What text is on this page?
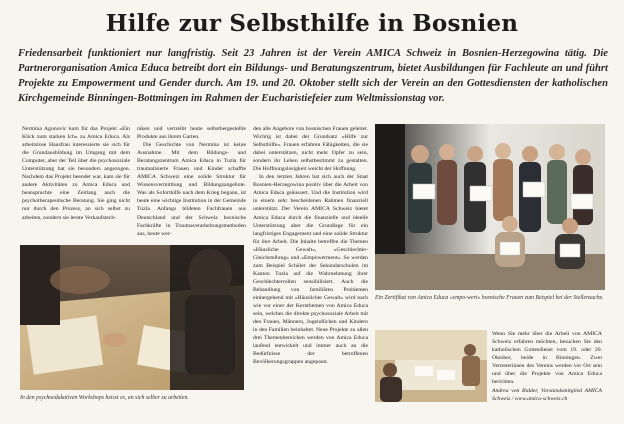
Hilfe zur Selbsthilfe in Bosnien
Friedensarbeit funktioniert nur langfristig. Seit 23 Jahren ist der Verein AMICA Schweiz in Bosnien-Herzegowina tätig. Die Partnerorganisation Amica Educa betreibt dort ein Bildungs- und Beratungszentrum, bietet Ausbildungen für Fachleute an und führt Projekte zu Empowerment und Gender durch. Am 19. und 20. Oktober stellt sich der Verein an den Gottesdiensten der katholischen Kirchgemeinde Binningen-Bottmingen im Rahmen der Eucharistiefeier zum Weltmissionstag vor.

Nermina Agunovic kam für das Projekt «Ein Klick zum starken Ich» zu Amica Educa. Als arbeitslose Hausfrau interessierte sie sich für die Grundausbildung im Umgang mit dem Computer, aber der Teil über die psychosoziale Unterstützung hat sie besonders angezogen. Nachdem das Projekt beendet war, kam sie für andere Aktivitäten zu Amica Educa und beanspruchte eine Zeitlang auch die psychotherapeutische Beratung. Sie ging nicht nur durch den Prozess, an sich selbst zu arbeiten, sondern sie lernte Verkaufstech-

niken und vertreibt heute selbsthergestellte Produkte aus ihrem Garten.

Die Geschichte von Nermina ist keine Ausnahme. Mit dem Bildungs- und Beratungszentrum Amica Educa in Tuzla für traumatisierte Frauen und Kinder schaffte AMICA Schweiz eine solide Struktur für Wissensvermittlung und Bildungsangebote. Was als Soforthilfe nach dem Krieg begann, ist heute eine wichtige Institution in der Gemeinde Tuzla. Anfangs bildeten Fachfrauen aus Deutschland und der Schweiz bosnische Fachkräfte in Traumaverarbeitungsmethoden aus, heute wer-

den alle Angebote von bosnischen Frauen geleitet. Wichtig ist dabei der Grundsatz «Hilfe zur Selbsthilfe». Frauen erfahren Fähigkeiten, die sie dabei unterstützen, nicht mehr Opfer zu sein, sondern ihr Leben selbstbestimmt zu gestalten. Die Hoffnungslosigkeit weicht der Hoffnung.

In den letzten Jahren hat sich auch der Staat Bosnien-Herzegowina positiv über die Arbeit von Amica Educa geäussert. Und die Institution wird in einem sehr bescheidenen Rahmen finanziell unterstützt. Der Verein AMICA Schweiz bietet Amica Educa durch die finanzielle und ideelle Unterstützung aber die Grundlage für ein langfristiges Engagement und eine solide Struktur für ihre Arbeit. Die Inhalte betreffen die Themen «Häusliche Gewalt», «Geschlechter-Gleichstellung» und «Empowerment». So werden zum Beispiel Schüler der Sekundarschulen im Kanton Tuzla auf die Wahrnehmung ihrer Geschlechterrollen sensibilisiert. Auch die Behandlung von familiären Problemen einhergehend mit «Häuslicher Gewalt» wird nach wie vor einer der Kernthemen von Amica Educa sein, welches die direkte psychosoziale Arbeit mit den Frauen, Männern, Jugendlichen und Kindern in den Familien beinhaltet. Neue Projekte zu allen drei Themenbereichen werden von Amica Educa laufend entwickelt und immer auch an die Bedürfnisse der betroffenen Bevölkerungsgruppen angepasst.

Wenn Sie mehr über die Arbeit von AMICA Schweiz erfahren möchten, besuchen Sie den katholischen Gottesdienst vom 19. oder 20. Oktober, beide in Binningen. Zwei Vertreterinnen des Vereins werden vor Ort sein und über die Projekte von Amica Educa berichten.

Andrea von Bidder, Vorstandsmitglied AMICA Schweiz / www.amica-schweiz.ch

In den psychoedukativen Workshops heisst es, an sich selber zu arbeiten.
Ein Zertifikat von Amica Educa «empo-wert» bosnische Frauen zum Beispiel bei der Stellensuche.
